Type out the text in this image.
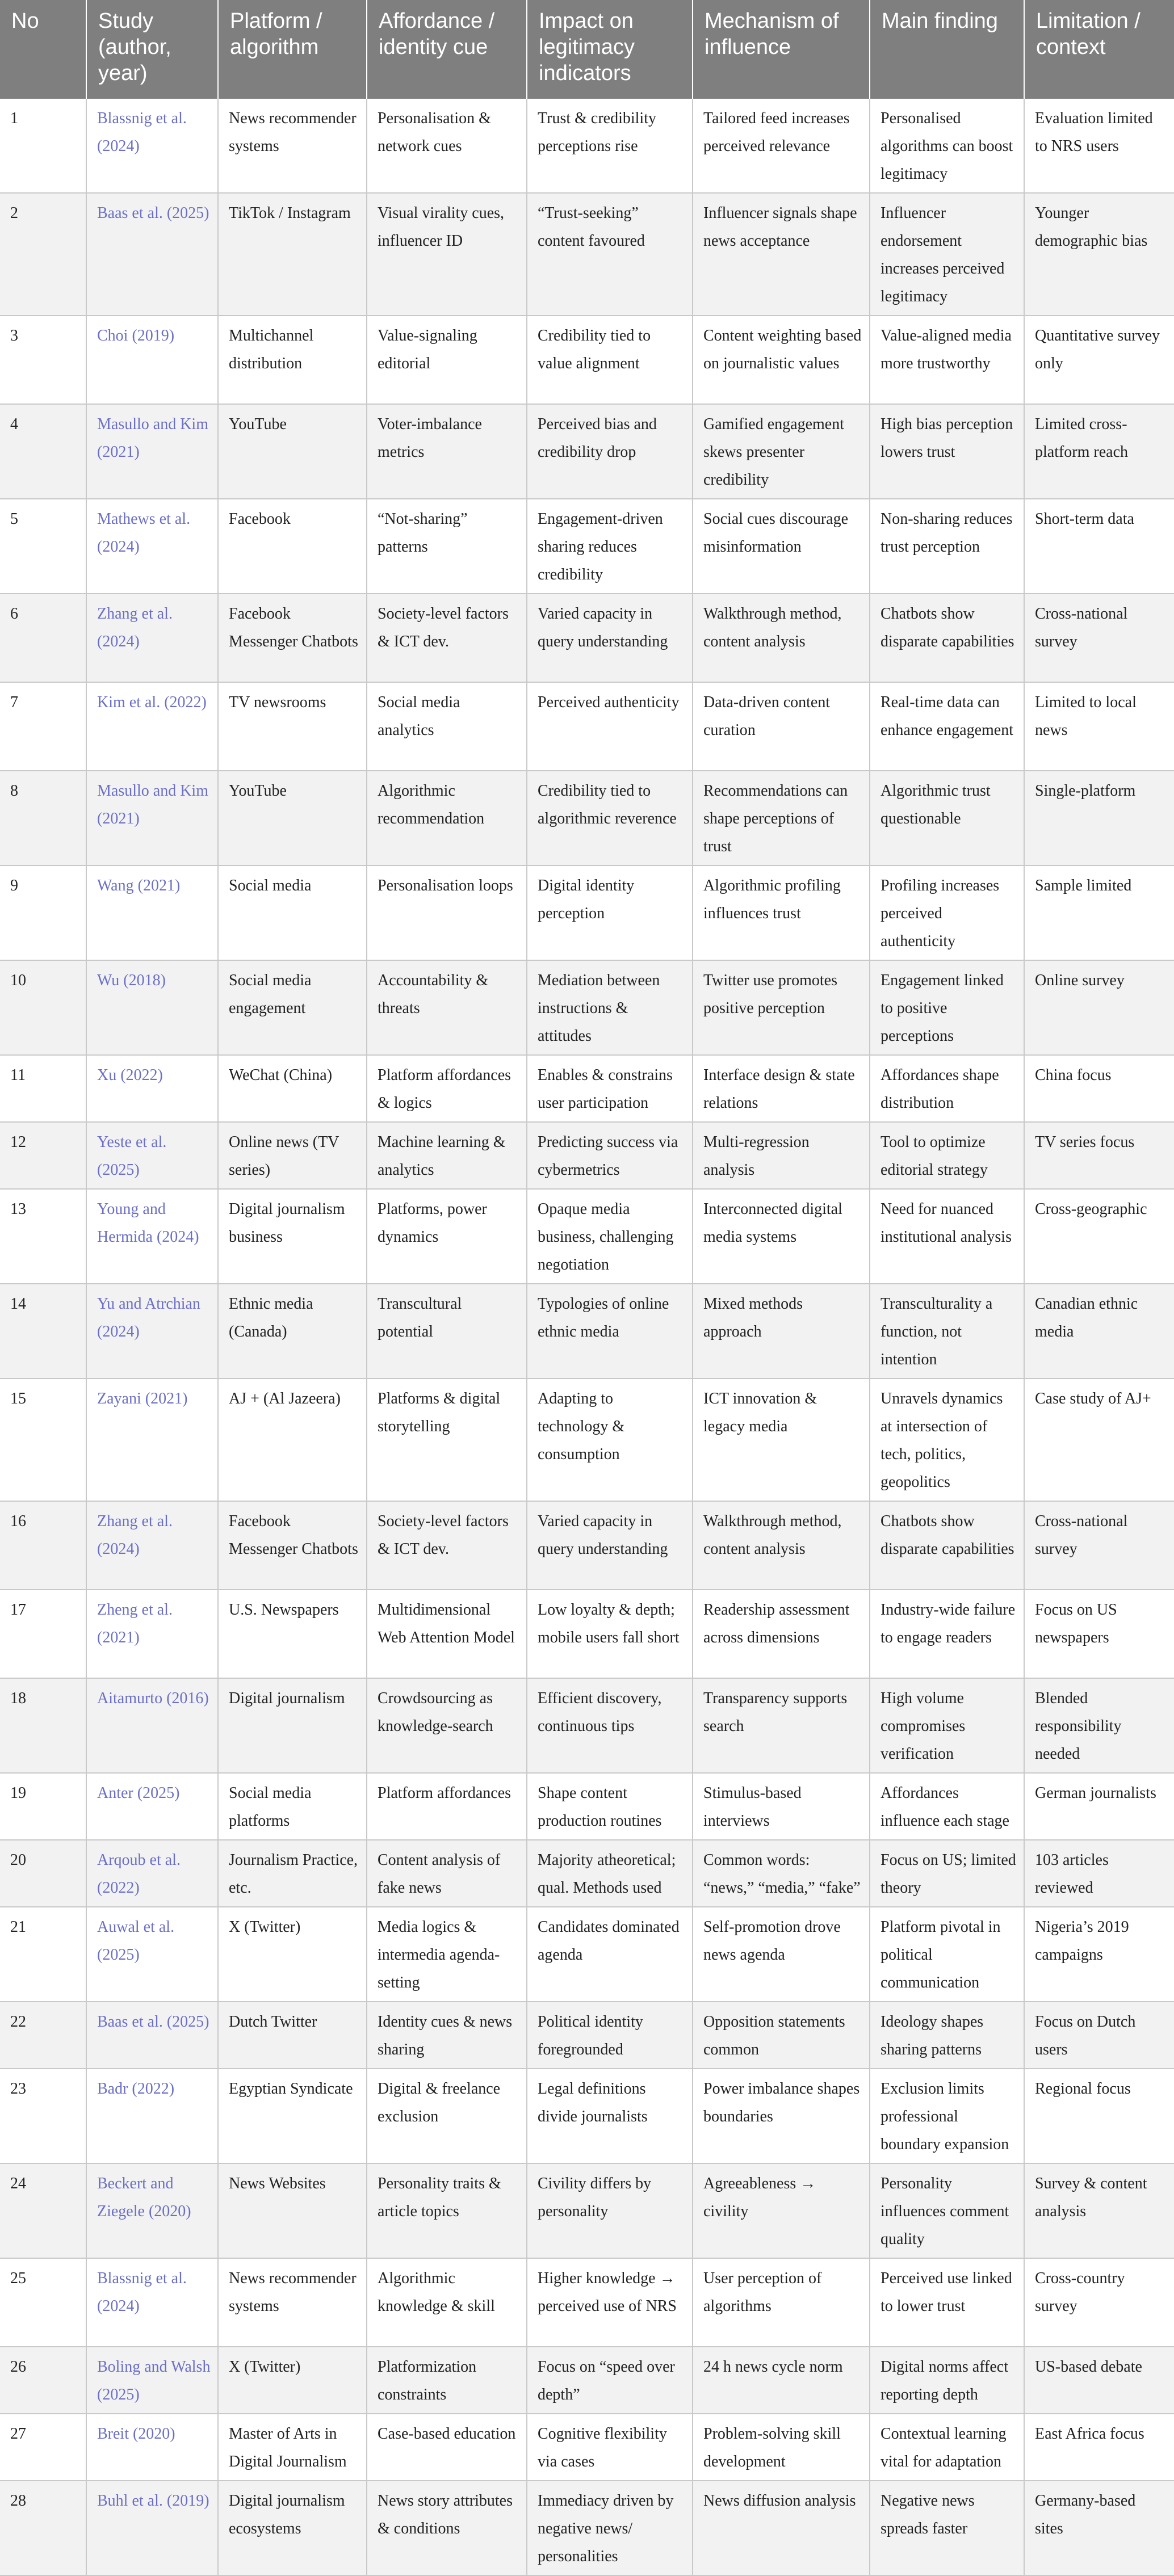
No	Study (author, year)	Platform / algorithm	Affordance / identity cue	Impact on legitimacy indicators	Mechanism of influence	Main finding	Limitation / context
1	Blassnig et al. (2024)	News recommender systems	Personalisation & network cues	Trust & credibility perceptions rise	Tailored feed increases perceived relevance	Personalised algorithms can boost legitimacy	Evaluation limited to NRS users
2	Baas et al. (2025)	TikTok / Instagram	Visual virality cues, influencer ID	“Trust-seeking” content favoured	Influencer signals shape news acceptance	Influencer endorsement increases perceived legitimacy	Younger demographic bias
3	Choi (2019)	Multichannel distribution	Value-signaling editorial	Credibility tied to value alignment	Content weighting based on journalistic values	Value-aligned media more trustworthy	Quantitative survey only
4	Masullo and Kim (2021)	YouTube	Voter-imbalance metrics	Perceived bias and credibility drop	Gamified engagement skews presenter credibility	High bias perception lowers trust	Limited cross-platform reach
5	Mathews et al. (2024)	Facebook	“Not-sharing” patterns	Engagement-driven sharing reduces credibility	Social cues discourage misinformation	Non-sharing reduces trust perception	Short-term data
6	Zhang et al. (2024)	Facebook Messenger Chatbots	Society-level factors & ICT dev.	Varied capacity in query understanding	Walkthrough method, content analysis	Chatbots show disparate capabilities	Cross-national survey
7	Kim et al. (2022)	TV newsrooms	Social media analytics	Perceived authenticity	Data-driven content curation	Real-time data can enhance engagement	Limited to local news
8	Masullo and Kim (2021)	YouTube	Algorithmic recommendation	Credibility tied to algorithmic reverence	Recommendations can shape perceptions of trust	Algorithmic trust questionable	Single-platform
9	Wang (2021)	Social media	Personalisation loops	Digital identity perception	Algorithmic profiling influences trust	Profiling increases perceived authenticity	Sample limited
10	Wu (2018)	Social media engagement	Accountability & threats	Mediation between instructions & attitudes	Twitter use promotes positive perception	Engagement linked to positive perceptions	Online survey
11	Xu (2022)	WeChat (China)	Platform affordances & logics	Enables & constrains user participation	Interface design & state relations	Affordances shape distribution	China focus
12	Yeste et al. (2025)	Online news (TV series)	Machine learning & analytics	Predicting success via cybermetrics	Multi-regression analysis	Tool to optimize editorial strategy	TV series focus
13	Young and Hermida (2024)	Digital journalism business	Platforms, power dynamics	Opaque media business, challenging negotiation	Interconnected digital media systems	Need for nuanced institutional analysis	Cross-geographic
14	Yu and Atrchian (2024)	Ethnic media (Canada)	Transcultural potential	Typologies of online ethnic media	Mixed methods approach	Transculturality a function, not intention	Canadian ethnic media
15	Zayani (2021)	AJ + (Al Jazeera)	Platforms & digital storytelling	Adapting to technology & consumption	ICT innovation & legacy media	Unravels dynamics at intersection of tech, politics, geopolitics	Case study of AJ+
16	Zhang et al. (2024)	Facebook Messenger Chatbots	Society-level factors & ICT dev.	Varied capacity in query understanding	Walkthrough method, content analysis	Chatbots show disparate capabilities	Cross-national survey
17	Zheng et al. (2021)	U.S. Newspapers	Multidimensional Web Attention Model	Low loyalty & depth; mobile users fall short	Readership assessment across dimensions	Industry-wide failure to engage readers	Focus on US newspapers
18	Aitamurto (2016)	Digital journalism	Crowdsourcing as knowledge-search	Efficient discovery, continuous tips	Transparency supports search	High volume compromises verification	Blended responsibility needed
19	Anter (2025)	Social media platforms	Platform affordances	Shape content production routines	Stimulus-based interviews	Affordances influence each stage	German journalists
20	Arqoub et al. (2022)	Journalism Practice, etc.	Content analysis of fake news	Majority atheoretical; qual. Methods used	Common words: “news,” “media,” “fake”	Focus on US; limited theory	103 articles reviewed
21	Auwal et al. (2025)	X (Twitter)	Media logics & intermedia agenda-setting	Candidates dominated agenda	Self-promotion drove news agenda	Platform pivotal in political communication	Nigeria’s 2019 campaigns
22	Baas et al. (2025)	Dutch Twitter	Identity cues & news sharing	Political identity foregrounded	Opposition statements common	Ideology shapes sharing patterns	Focus on Dutch users
23	Badr (2022)	Egyptian Syndicate	Digital & freelance exclusion	Legal definitions divide journalists	Power imbalance shapes boundaries	Exclusion limits professional boundary expansion	Regional focus
24	Beckert and Ziegele (2020)	News Websites	Personality traits & article topics	Civility differs by personality	Agreeableness → civility	Personality influences comment quality	Survey & content analysis
25	Blassnig et al. (2024)	News recommender systems	Algorithmic knowledge & skill	Higher knowledge → perceived use of NRS	User perception of algorithms	Perceived use linked to lower trust	Cross-country survey
26	Boling and Walsh (2025)	X (Twitter)	Platformization constraints	Focus on “speed over depth”	24 h news cycle norm	Digital norms affect reporting depth	US-based debate
27	Breit (2020)	Master of Arts in Digital Journalism	Case-based education	Cognitive flexibility via cases	Problem-solving skill development	Contextual learning vital for adaptation	East Africa focus
28	Buhl et al. (2019)	Digital journalism ecosystems	News story attributes & conditions	Immediacy driven by negative news/ personalities	News diffusion analysis	Negative news spreads faster	Germany-based sites
